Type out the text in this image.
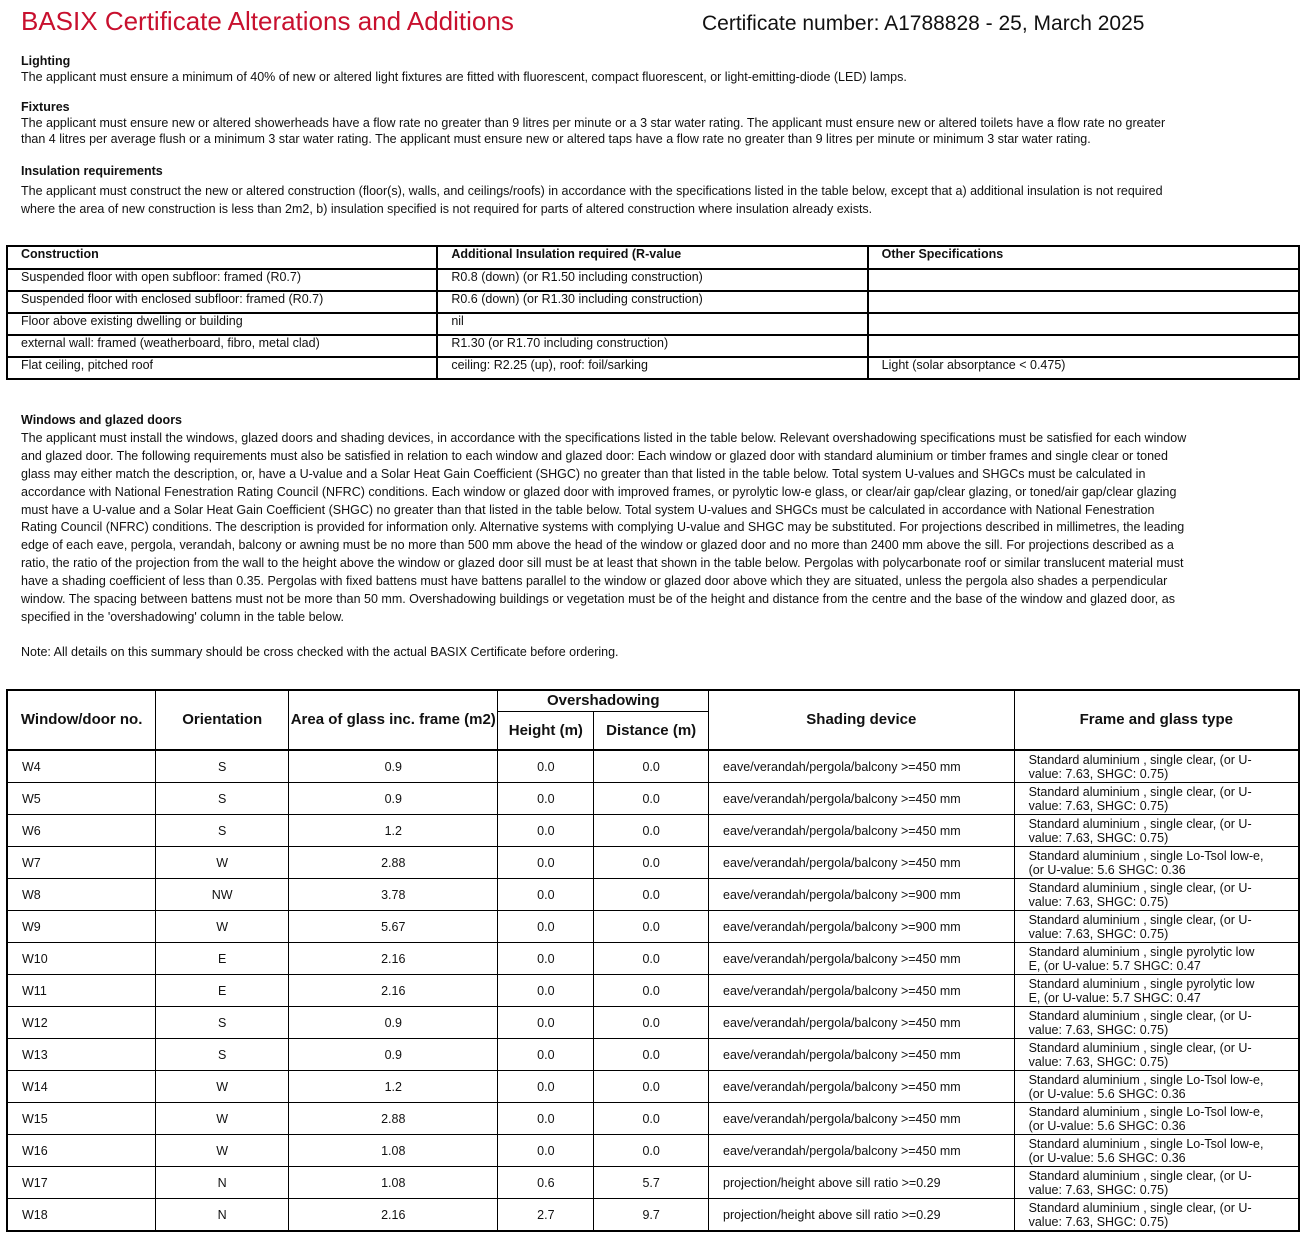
BASIX Certificate Alterations and Additions	Certificate number: A1788828 - 25, March 2025
Lighting
The applicant must ensure a minimum of 40% of new or altered light fixtures are fitted with fluorescent, compact fluorescent, or light-emitting-diode (LED) lamps.
Fixtures
The applicant must ensure new or altered showerheads have a flow rate no greater than 9 litres per minute or a 3 star water rating. The applicant must ensure new or altered toilets have a flow rate no greater
than 4 litres per average flush or a minimum 3 star water rating. The applicant must ensure new or altered taps have a flow rate no greater than 9 litres per minute or minimum 3 star water rating.
Insulation requirements
The applicant must construct the new or altered construction (floor(s), walls, and ceilings/roofs) in accordance with the specifications listed in the table below, except that a) additional insulation is not required
where the area of new construction is less than 2m2, b) insulation specified is not required for parts of altered construction where insulation already exists.
Construction	Additional Insulation required (R-value	Other Specifications
Suspended floor with open subfloor: framed (R0.7)	R0.8 (down) (or R1.50 including construction)	
Suspended floor with enclosed subfloor: framed (R0.7)	R0.6 (down) (or R1.30 including construction)	
Floor above existing dwelling or building	nil	
external wall: framed (weatherboard, fibro, metal clad)	R1.30 (or R1.70 including construction)	
Flat ceiling, pitched roof	ceiling: R2.25 (up), roof: foil/sarking	Light (solar absorptance < 0.475)
Windows and glazed doors
The applicant must install the windows, glazed doors and shading devices, in accordance with the specifications listed in the table below. Relevant overshadowing specifications must be satisfied for each window
and glazed door. The following requirements must also be satisfied in relation to each window and glazed door: Each window or glazed door with standard aluminium or timber frames and single clear or toned
glass may either match the description, or, have a U-value and a Solar Heat Gain Coefficient (SHGC) no greater than that listed in the table below. Total system U-values and SHGCs must be calculated in
accordance with National Fenestration Rating Council (NFRC) conditions. Each window or glazed door with improved frames, or pyrolytic low-e glass, or clear/air gap/clear glazing, or toned/air gap/clear glazing
must have a U-value and a Solar Heat Gain Coefficient (SHGC) no greater than that listed in the table below. Total system U-values and SHGCs must be calculated in accordance with National Fenestration
Rating Council (NFRC) conditions. The description is provided for information only. Alternative systems with complying U-value and SHGC may be substituted. For projections described in millimetres, the leading
edge of each eave, pergola, verandah, balcony or awning must be no more than 500 mm above the head of the window or glazed door and no more than 2400 mm above the sill. For projections described as a
ratio, the ratio of the projection from the wall to the height above the window or glazed door sill must be at least that shown in the table below. Pergolas with polycarbonate roof or similar translucent material must
have a shading coefficient of less than 0.35. Pergolas with fixed battens must have battens parallel to the window or glazed door above which they are situated, unless the pergola also shades a perpendicular
window. The spacing between battens must not be more than 50 mm. Overshadowing buildings or vegetation must be of the height and distance from the centre and the base of the window and glazed door, as
specified in the 'overshadowing' column in the table below.
Note: All details on this summary should be cross checked with the actual BASIX Certificate before ordering.
Window/door no.	Orientation	Area of glass inc. frame (m2)	Overshadowing		Shading device	Frame and glass type
			Height (m)	Distance (m)		
W4	S	0.9	0.0	0.0	eave/verandah/pergola/balcony >=450 mm	Standard aluminium , single clear, (or U-
value: 7.63, SHGC: 0.75)

W5	S	0.9	0.0	0.0	eave/verandah/pergola/balcony >=450 mm	Standard aluminium , single clear, (or U-
value: 7.63, SHGC: 0.75)

W6	S	1.2	0.0	0.0	eave/verandah/pergola/balcony >=450 mm	Standard aluminium , single clear, (or U-
value: 7.63, SHGC: 0.75)

W7	W	2.88	0.0	0.0	eave/verandah/pergola/balcony >=450 mm	Standard aluminium , single Lo-Tsol low-e,
(or U-value: 5.6 SHGC: 0.36

W8	NW	3.78	0.0	0.0	eave/verandah/pergola/balcony >=900 mm	Standard aluminium , single clear, (or U-
value: 7.63, SHGC: 0.75)

W9	W	5.67	0.0	0.0	eave/verandah/pergola/balcony >=900 mm	Standard aluminium , single clear, (or U-
value: 7.63, SHGC: 0.75)

W10	E	2.16	0.0	0.0	eave/verandah/pergola/balcony >=450 mm	Standard aluminium , single pyrolytic low
E, (or U-value: 5.7 SHGC: 0.47

W11	E	2.16	0.0	0.0	eave/verandah/pergola/balcony >=450 mm	Standard aluminium , single pyrolytic low
E, (or U-value: 5.7 SHGC: 0.47

W12	S	0.9	0.0	0.0	eave/verandah/pergola/balcony >=450 mm	Standard aluminium , single clear, (or U-
value: 7.63, SHGC: 0.75)

W13	S	0.9	0.0	0.0	eave/verandah/pergola/balcony >=450 mm	Standard aluminium , single clear, (or U-
value: 7.63, SHGC: 0.75)

W14	W	1.2	0.0	0.0	eave/verandah/pergola/balcony >=450 mm	Standard aluminium , single Lo-Tsol low-e,
(or U-value: 5.6 SHGC: 0.36

W15	W	2.88	0.0	0.0	eave/verandah/pergola/balcony >=450 mm	Standard aluminium , single Lo-Tsol low-e,
(or U-value: 5.6 SHGC: 0.36

W16	W	1.08	0.0	0.0	eave/verandah/pergola/balcony >=450 mm	Standard aluminium , single Lo-Tsol low-e,
(or U-value: 5.6 SHGC: 0.36

W17	N	1.08	0.6	5.7	projection/height above sill ratio >=0.29	Standard aluminium , single clear, (or U-
value: 7.63, SHGC: 0.75)

W18	N	2.16	2.7	9.7	projection/height above sill ratio >=0.29	Standard aluminium , single clear, (or U-
value: 7.63, SHGC: 0.75)
